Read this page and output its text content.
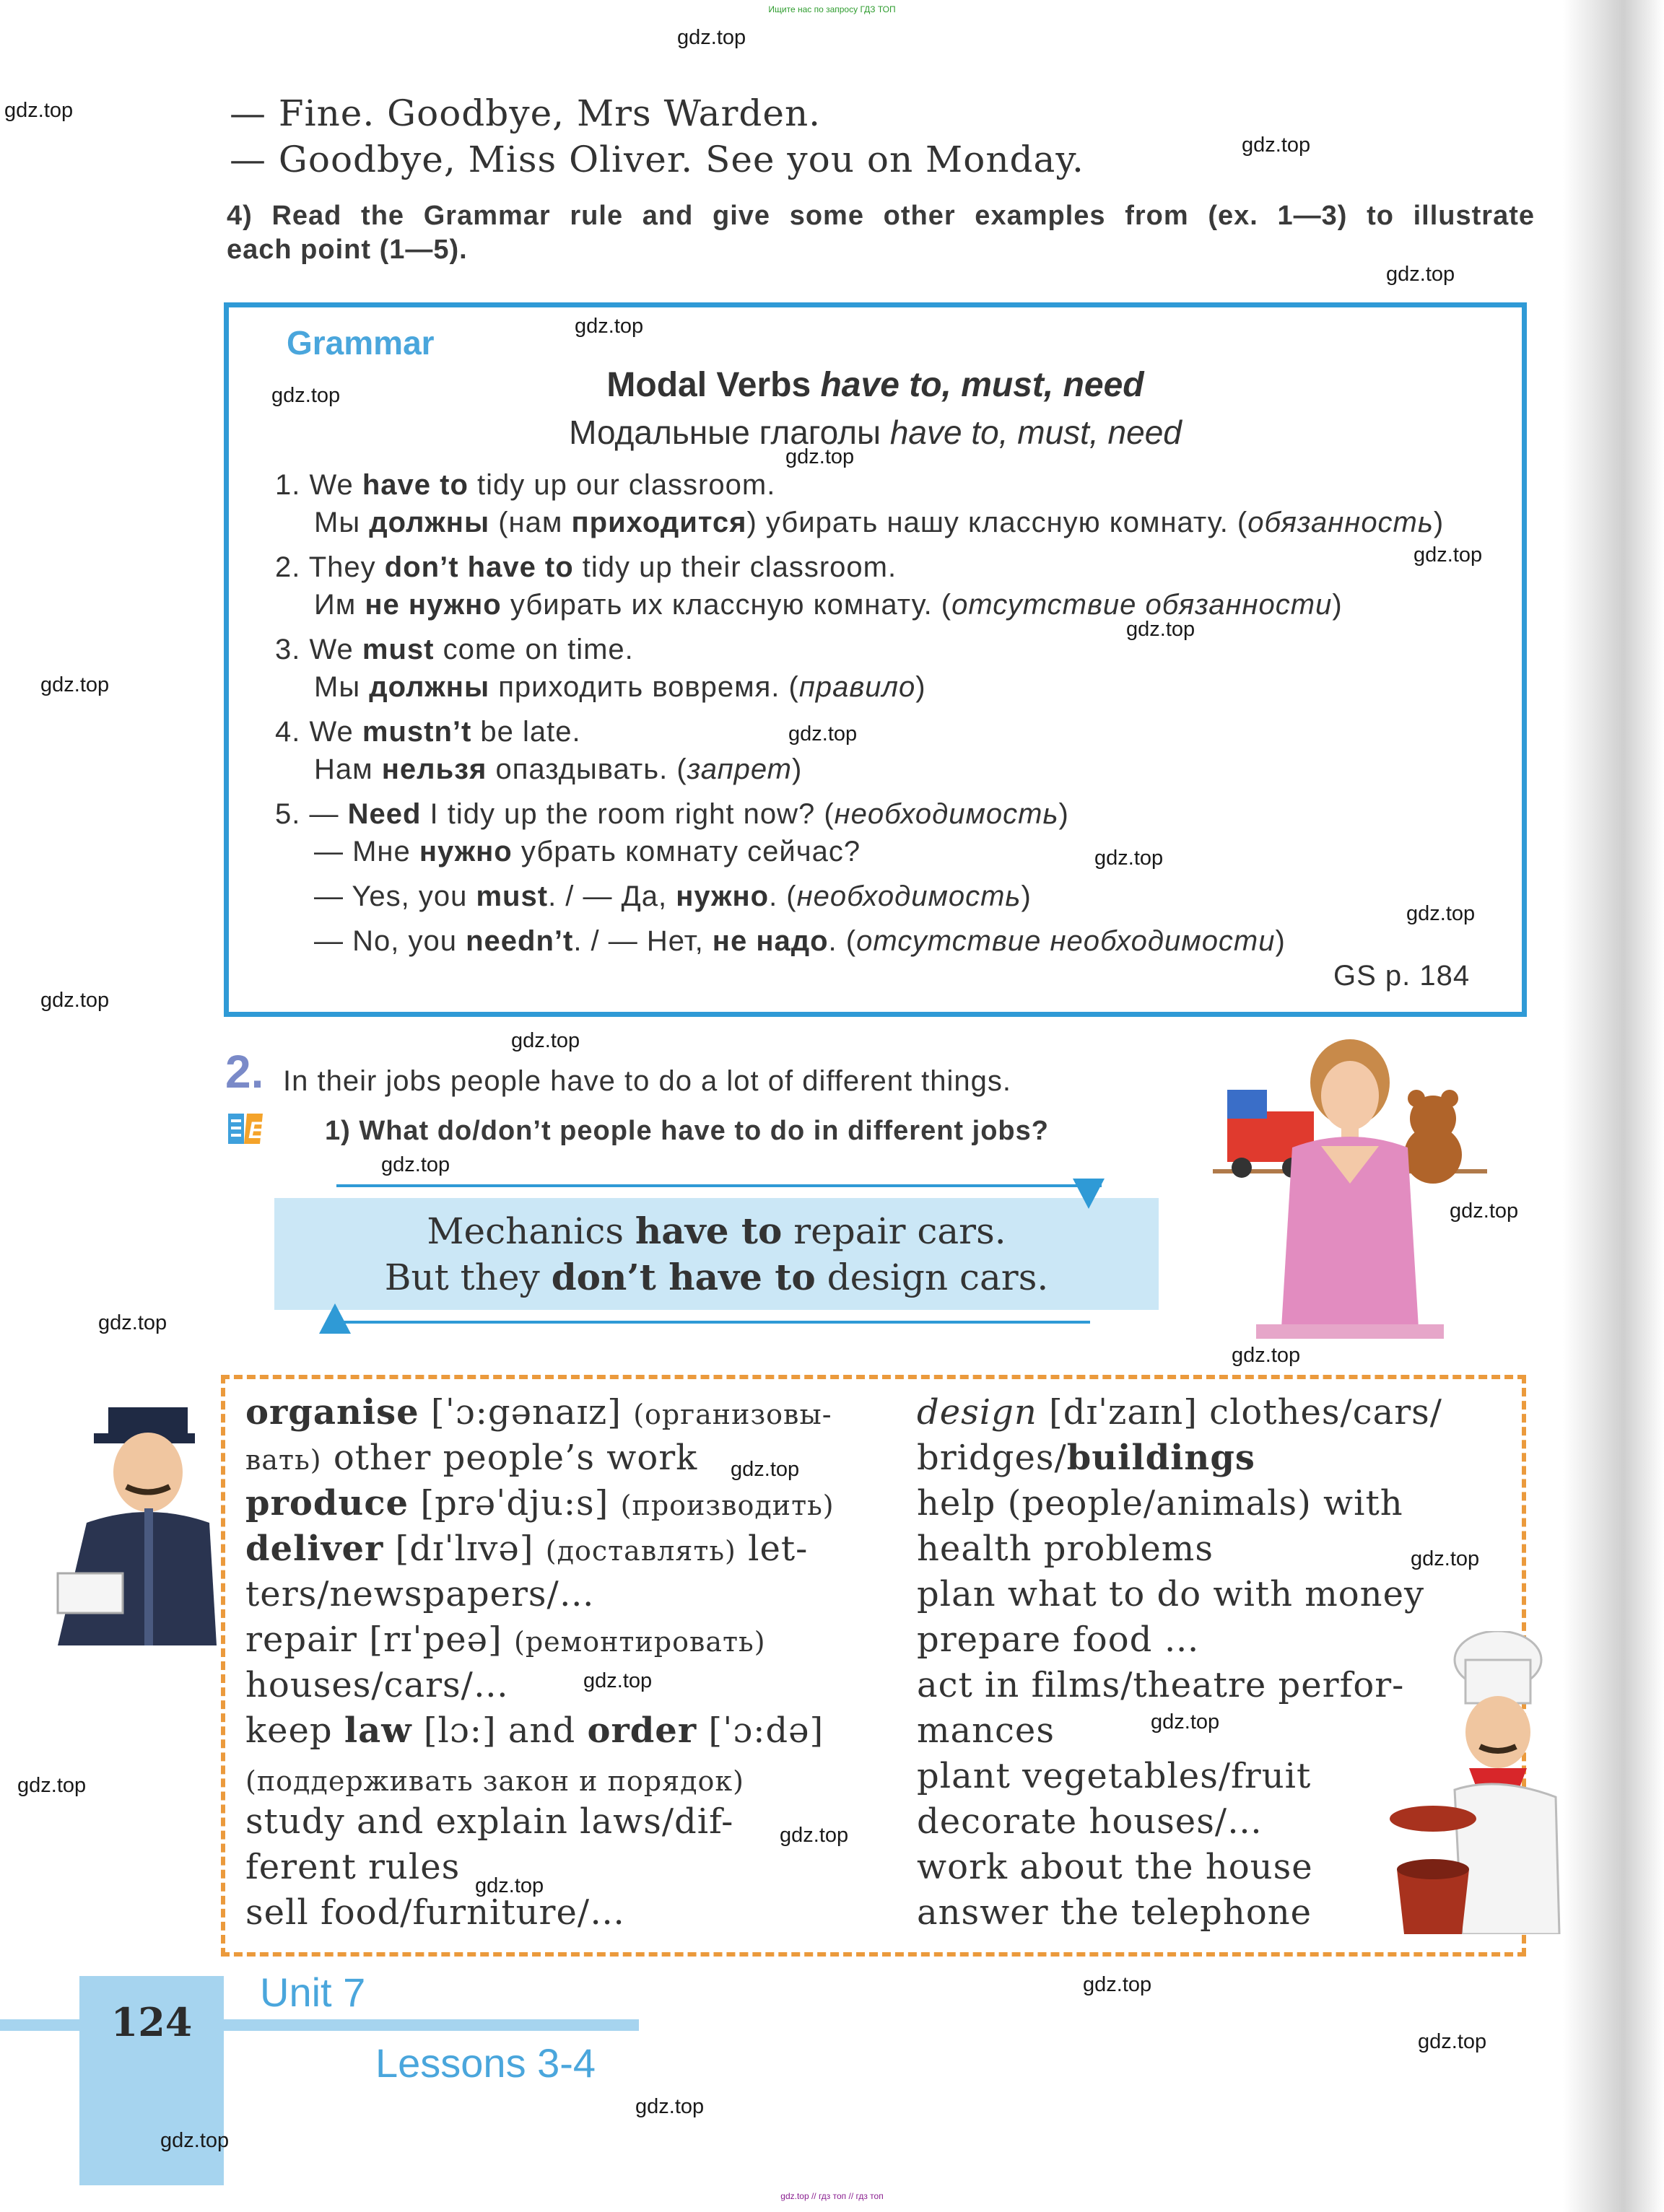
Ищите нас по запросу ГДЗ ТОП
— Fine. Goodbye, Mrs Warden.
— Goodbye, Miss Oliver. See you on Monday.
4) Read the Grammar rule and give some other examples from (ex. 1—3) to illustrate
each point (1—5).
Grammar
Modal Verbs have to, must, need
Модальные глаголы have to, must, need
1. We have to tidy up our classroom.
Мы должны (нам приходится) убирать нашу классную комнату. (обязанность)
2. They don’t have to tidy up their classroom.
Им не нужно убирать их классную комнату. (отсутствие обязанности)
3. We must come on time.
Мы должны приходить вовремя. (правило)
4. We mustn’t be late.
Нам нельзя опаздывать. (запрет)
5. — Need I tidy up the room right now? (необходимость)
— Мне нужно убрать комнату сейчас?
— Yes, you must. / — Да, нужно. (необходимость)
— No, you needn’t. / — Нет, не надо. (отсутствие необходимости)
GS p. 184
2. In their jobs people have to do a lot of different things.
E 1) What do/don’t people have to do in different jobs?
Mechanics have to repair cars.
But they don’t have to design cars.
organise [ˈɔ:gənaɪz] (организовы-
вать) other people’s work
produce [prəˈdju:s] (производить)
deliver [dɪˈlɪvə] (доставлять) let-
ters/newspapers/…
repair [rɪˈpeə] (ремонтировать)
houses/cars/…
keep law [lɔ:] and order [ˈɔ:də]
(поддерживать закон и порядок)
study and explain laws/dif-
ferent rules
sell food/furniture/…
design [dɪˈzaɪn] clothes/cars/
bridges/buildings
help (people/animals) with
health problems
plan what to do with money
prepare food …
act in films/theatre perfor-
mances
plant vegetables/fruit
decorate houses/…
work about the house
answer the telephone
124
Unit 7
Lessons 3-4
gdz.top // гдз топ // гдз топ
gdz.top
gdz.top
gdz.top
gdz.top
gdz.top
gdz.top
gdz.top
gdz.top
gdz.top
gdz.top
gdz.top
gdz.top
gdz.top
gdz.top
gdz.top
gdz.top
gdz.top
gdz.top
gdz.top
gdz.top
gdz.top
gdz.top
gdz.top
gdz.top
gdz.top
gdz.top
gdz.top
gdz.top
gdz.top
gdz.top
